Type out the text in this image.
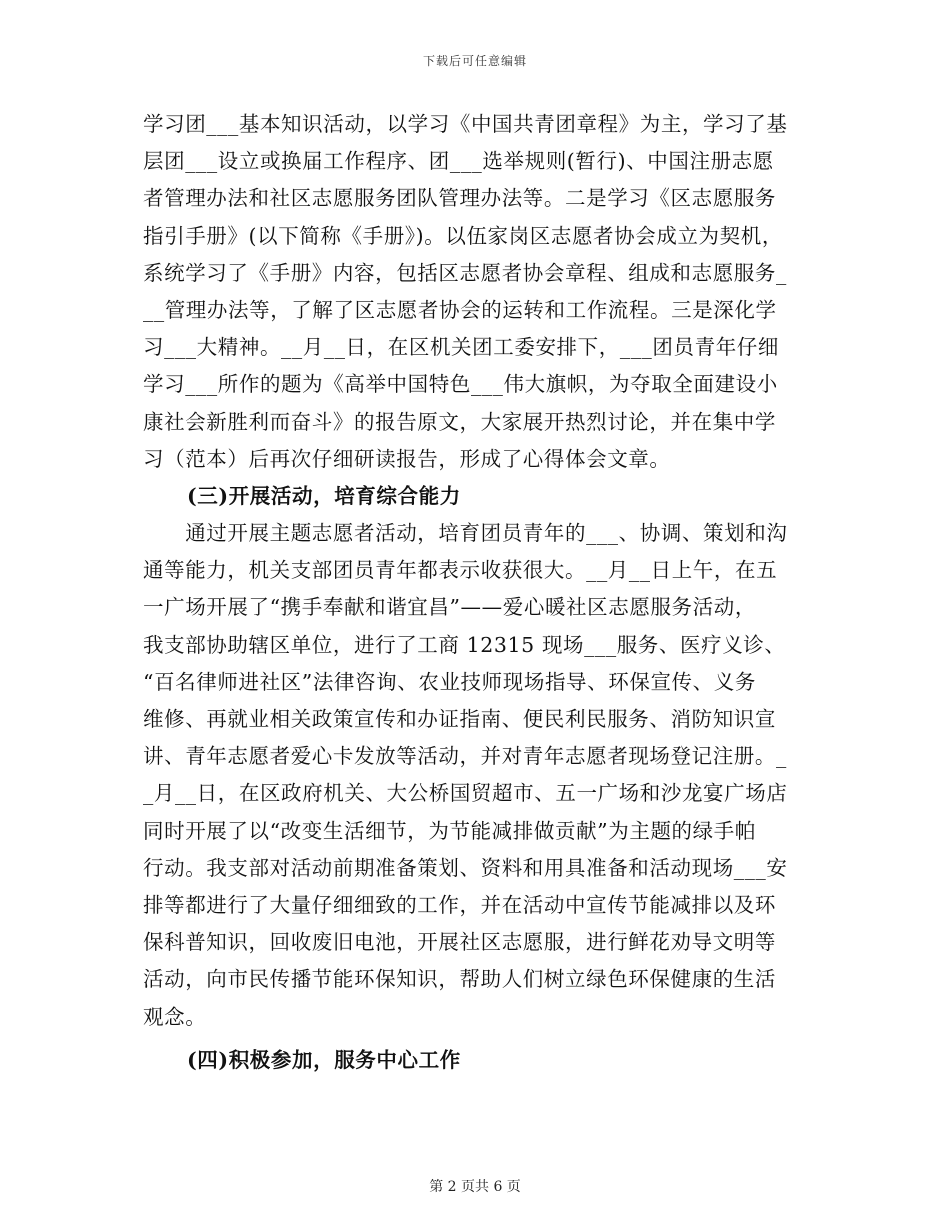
下载后可任意编辑
学习团___基本知识活动，以学习《中国共青团章程》为主，学习了基
层团___设立或换届工作程序、团___选举规则(暂行)、中国注册志愿
者管理办法和社区志愿服务团队管理办法等。二是学习《区志愿服务
指引手册》(以下简称《手册》)。以伍家岗区志愿者协会成立为契机，
系统学习了《手册》内容，包括区志愿者协会章程、组成和志愿服务_
__管理办法等，了解了区志愿者协会的运转和工作流程。三是深化学
习___大精神。__月__日，在区机关团工委安排下，___团员青年仔细
学习___所作的题为《高举中国特色___伟大旗帜，为夺取全面建设小
康社会新胜利而奋斗》的报告原文，大家展开热烈讨论，并在集中学
习（范本）后再次仔细研读报告，形成了心得体会文章。
(三)开展活动，培育综合能力
　　通过开展主题志愿者活动，培育团员青年的___、协调、策划和沟
通等能力，机关支部团员青年都表示收获很大。__月__日上午，在五
一广场开展了“携手奉献和谐宜昌”——爱心暖社区志愿服务活动，
我支部协助辖区单位，进行了工商 12315 现场___服务、医疗义诊、
“百名律师进社区”法律咨询、农业技师现场指导、环保宣传、义务
维修、再就业相关政策宣传和办证指南、便民利民服务、消防知识宣
讲、青年志愿者爱心卡发放等活动，并对青年志愿者现场登记注册。_
_月__日，在区政府机关、大公桥国贸超市、五一广场和沙龙宴广场店
同时开展了以“改变生活细节，为节能减排做贡献”为主题的绿手帕
行动。我支部对活动前期准备策划、资料和用具准备和活动现场___安
排等都进行了大量仔细细致的工作，并在活动中宣传节能减排以及环
保科普知识，回收废旧电池，开展社区志愿服，进行鲜花劝导文明等
活动，向市民传播节能环保知识，帮助人们树立绿色环保健康的生活
观念。
(四)积极参加，服务中心工作
第 2 页共 6 页
